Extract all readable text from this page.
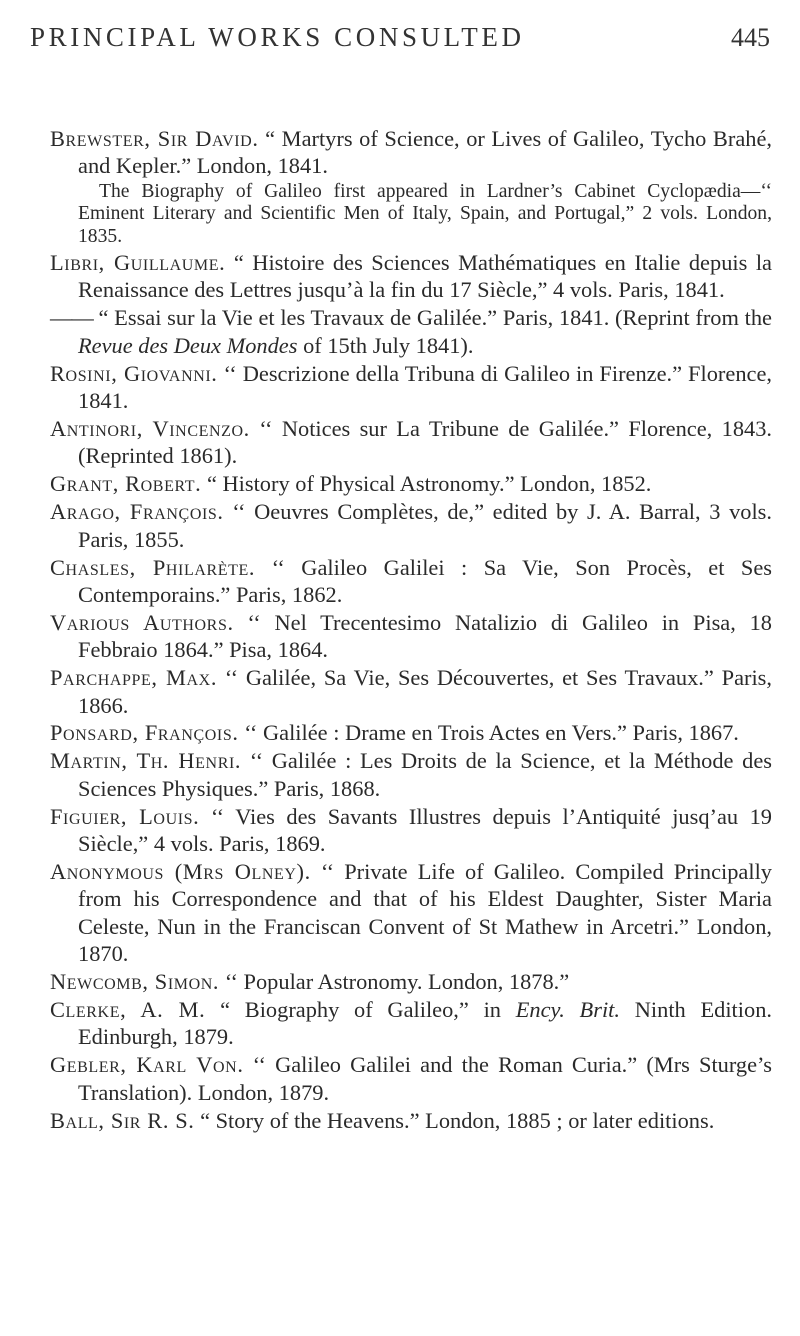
PRINCIPAL WORKS CONSULTED	445

Brewster, Sir David. “ Martyrs of Science, or Lives of Galileo, Tycho Brahé, and Kepler.” London, 1841.

The Biography of Galileo first appeared in Lardner’s Cabinet Cyclopædia—‘‘ Eminent Literary and Scientific Men of Italy, Spain, and Portugal,” 2 vols. London, 1835.

Libri, Guillaume. “ Histoire des Sciences Mathématiques en Italie depuis la Renaissance des Lettres jusqu’à la fin du 17 Siècle,” 4 vols. Paris, 1841.

—— “ Essai sur la Vie et les Travaux de Galilée.” Paris, 1841. (Reprint from the Revue des Deux Mondes of 15th July 1841).

Rosini, Giovanni. ‘‘ Descrizione della Tribuna di Galileo in Firenze.” Florence, 1841.

Antinori, Vincenzo. ‘‘ Notices sur La Tribune de Galilée.” Florence, 1843. (Reprinted 1861).

Grant, Robert. “ History of Physical Astronomy.” London, 1852.

Arago, François. ‘‘ Oeuvres Complètes, de,” edited by J. A. Barral, 3 vols. Paris, 1855.

Chasles, Philarète. ‘‘ Galileo Galilei : Sa Vie, Son Procès, et Ses Contemporains.” Paris, 1862.

Various Authors. ‘‘ Nel Trecentesimo Natalizio di Galileo in Pisa, 18 Febbraio 1864.” Pisa, 1864.

Parchappe, Max. ‘‘ Galilée, Sa Vie, Ses Découvertes, et Ses Travaux.” Paris, 1866.

Ponsard, François. ‘‘ Galilée : Drame en Trois Actes en Vers.” Paris, 1867.

Martin, Th. Henri. ‘‘ Galilée : Les Droits de la Science, et la Méthode des Sciences Physiques.” Paris, 1868.

Figuier, Louis. ‘‘ Vies des Savants Illustres depuis l’Antiquité jusq’au 19 Siècle,” 4 vols. Paris, 1869.

Anonymous (Mrs Olney). ‘‘ Private Life of Galileo. Compiled Principally from his Correspondence and that of his Eldest Daughter, Sister Maria Celeste, Nun in the Franciscan Convent of St Mathew in Arcetri.” London, 1870.

Newcomb, Simon. ‘‘ Popular Astronomy. London, 1878.”

Clerke, A. M. “ Biography of Galileo,” in Ency. Brit. Ninth Edition. Edinburgh, 1879.

Gebler, Karl Von. ‘‘ Galileo Galilei and the Roman Curia.” (Mrs Sturge’s Translation). London, 1879.

Ball, Sir R. S. “ Story of the Heavens.” London, 1885 ; or later editions.
